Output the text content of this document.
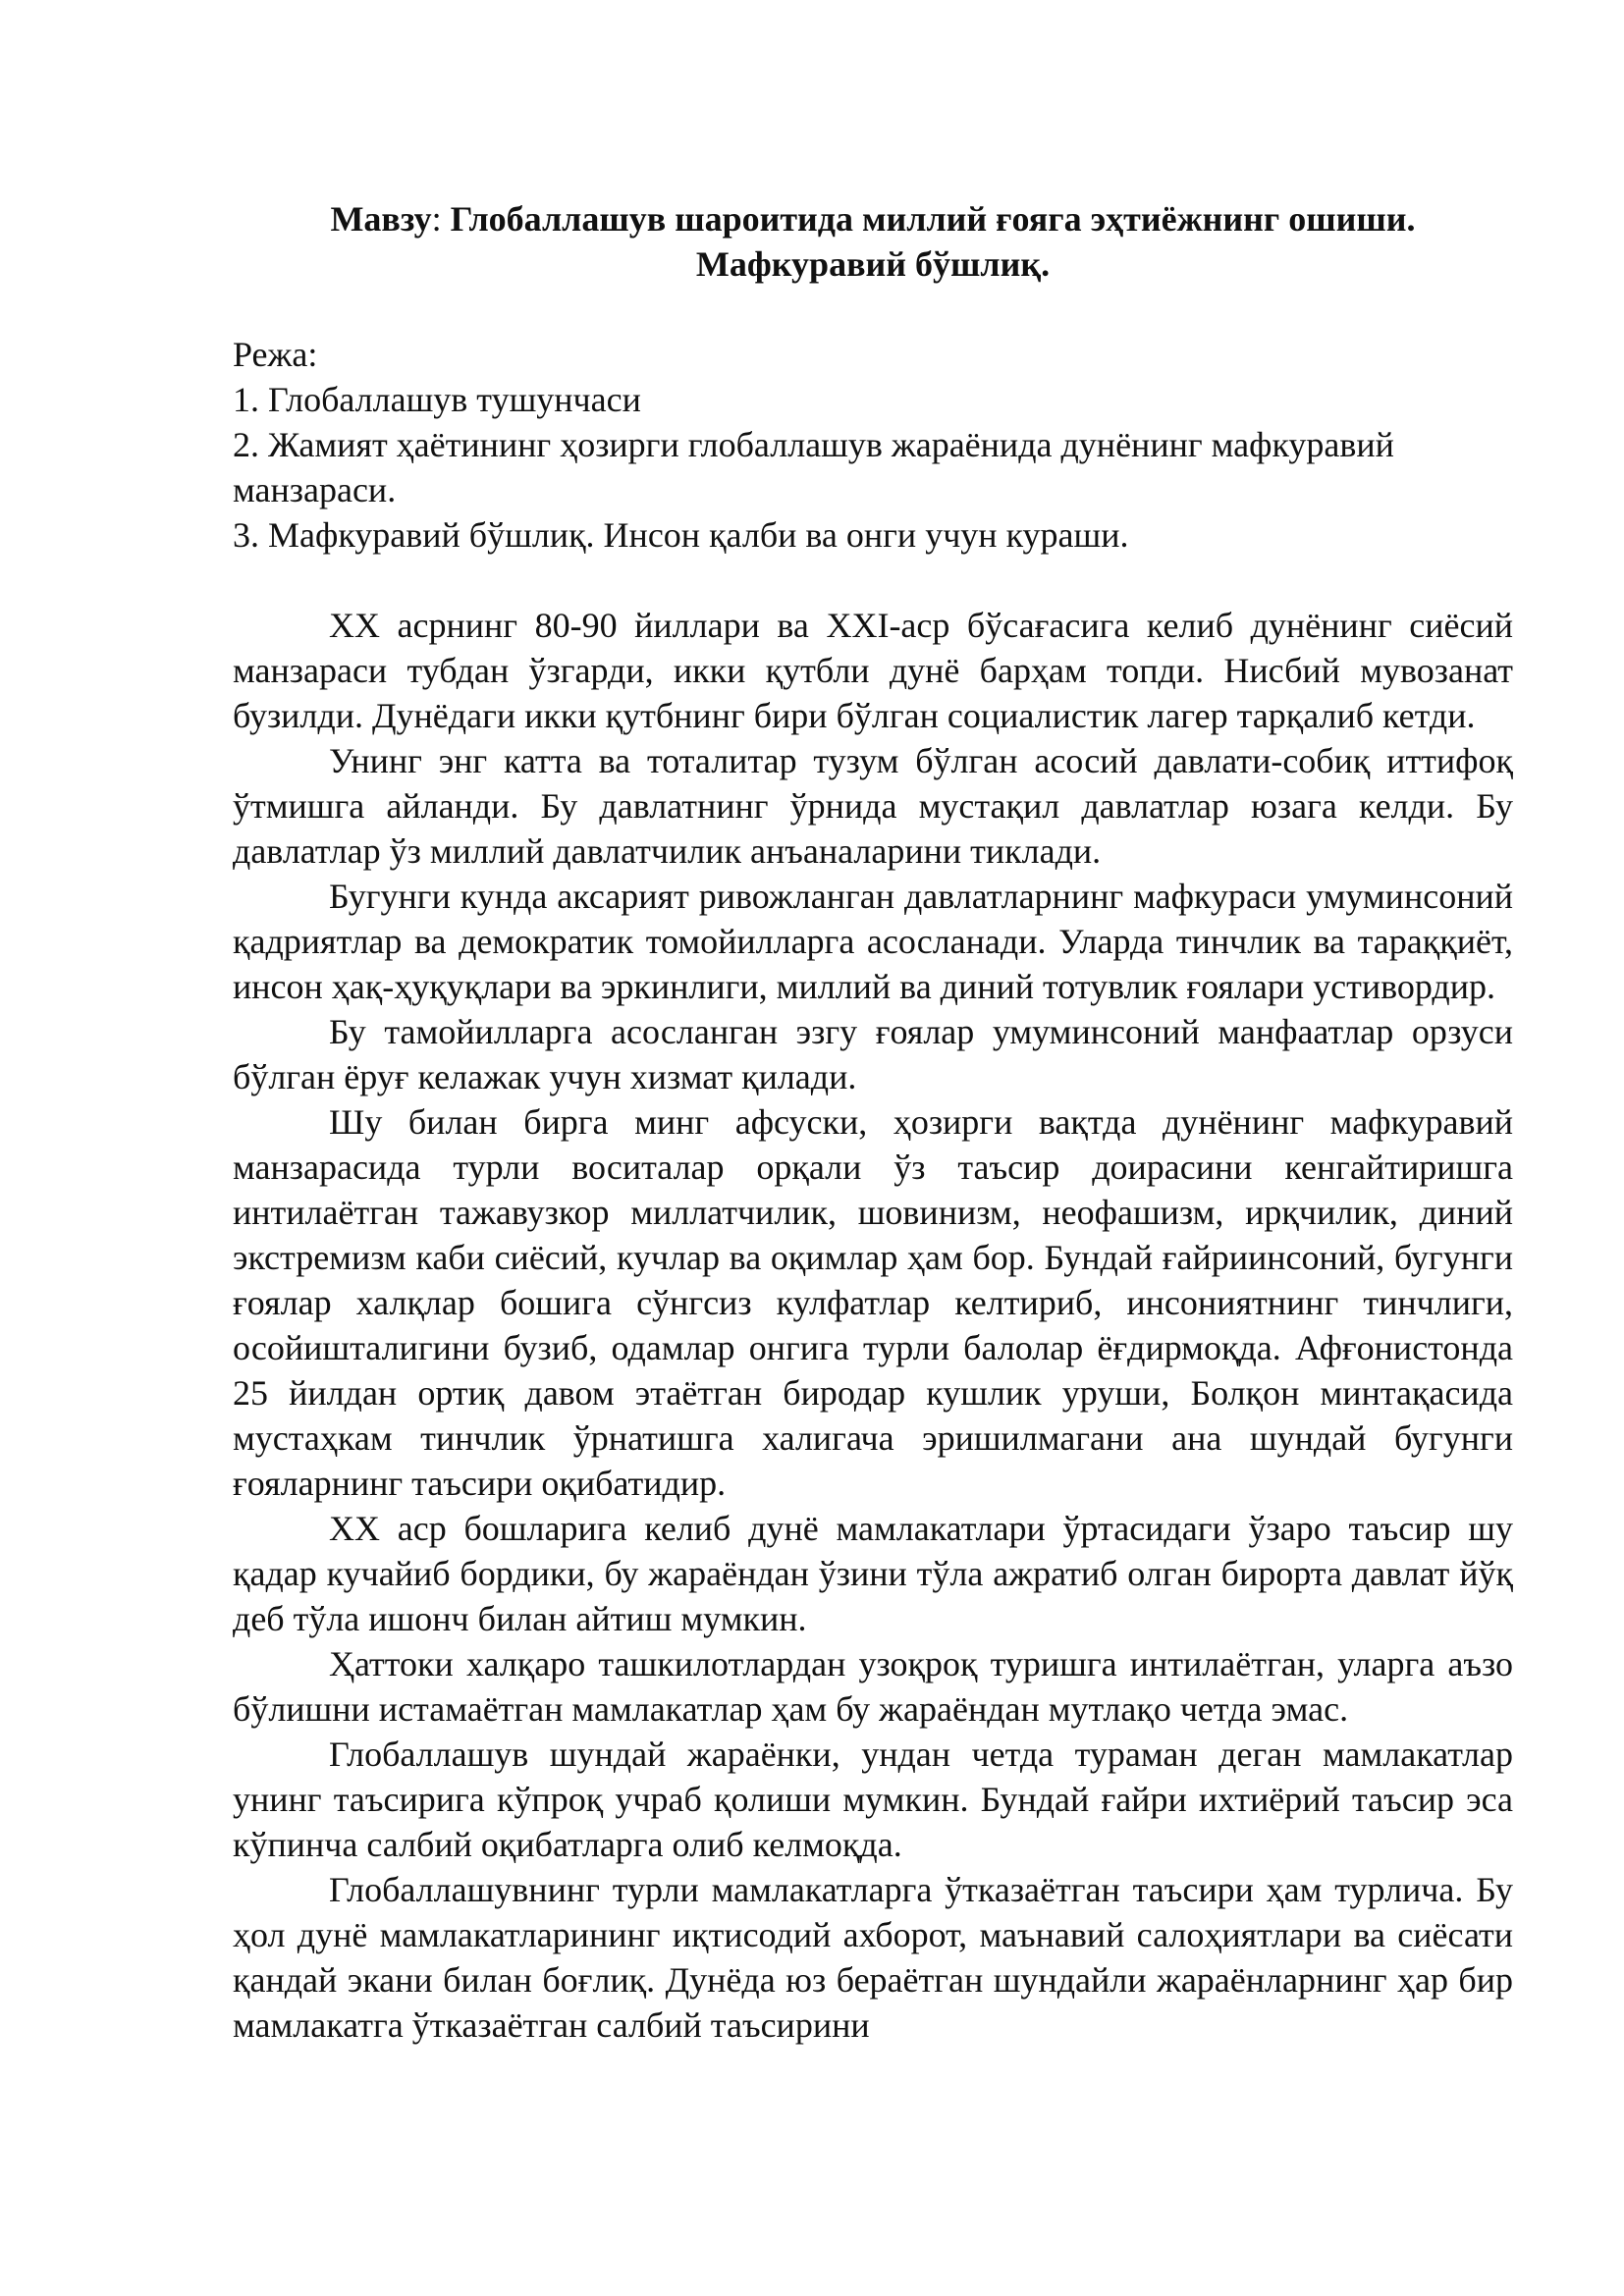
Мавзу: Глобаллашув шароитида миллий ғояга эҳтиёжнинг ошиши.
Мафкуравий бўшлиқ.
Режа:
1. Глобаллашув тушунчаси
2. Жамият ҳаётининг ҳозирги глобаллашув жараёнида дунёнинг мафкуравий манзараси.
3. Мафкуравий бўшлиқ. Инсон қалби ва онги учун кураши.

ХХ асрнинг 80-90 йиллари ва ХХI-аср бўсағасига келиб дунёнинг сиёсий манзараси тубдан ўзгарди, икки қутбли дунё барҳам топди. Нисбий мувозанат бузилди. Дунёдаги икки қутбнинг бири бўлган социалистик лагер тарқалиб кетди.

Унинг энг катта ва тоталитар тузум бўлган асосий давлати-собиқ иттифоқ ўтмишга айланди. Бу давлатнинг ўрнида мустақил давлатлар юзага келди. Бу давлатлар ўз миллий давлатчилик анъаналарини тиклади.

Бугунги кунда аксарият ривожланган давлатларнинг мафкураси умуминсоний қадриятлар ва демократик томойилларга асосланади. Уларда тинчлик ва тараққиёт, инсон ҳақ-ҳуқуқлари ва эркинлиги, миллий ва диний тотувлик ғоялари устивордир.

Бу тамойилларга асосланган эзгу ғоялар умуминсоний манфаатлар орзуси бўлган ёруғ келажак учун хизмат қилади.

Шу билан бирга минг афсуски, ҳозирги вақтда дунёнинг мафкуравий манзарасида турли воситалар орқали ўз таъсир доирасини кенгайтиришга интилаётган тажавузкор миллатчилик, шовинизм, неофашизм, ирқчилик, диний экстремизм каби сиёсий, кучлар ва оқимлар ҳам бор. Бундай ғайриинсоний, бугунги ғоялар халқлар бошига сўнгсиз кулфатлар келтириб, инсониятнинг тинчлиги, осойишталигини бузиб, одамлар онгига турли балолар ёғдирмоқда. Афғонистонда 25 йилдан ортиқ давом этаётган биродар кушлик уруши, Болқон минтақасида мустаҳкам тинчлик ўрнатишга халигача эришилмагани ана шундай бугунги ғояларнинг таъсири оқибатидир.

ХХ аср бошларига келиб дунё мамлакатлари ўртасидаги ўзаро таъсир шу қадар кучайиб бордики, бу жараёндан ўзини тўла ажратиб олган бирорта давлат йўқ деб тўла ишонч билан айтиш мумкин.

Ҳаттоки халқаро ташкилотлардан узоқроқ туришга интилаётган, уларга аъзо бўлишни истамаётган мамлакатлар ҳам бу жараёндан мутлақо четда эмас.

Глобаллашув шундай жараёнки, ундан четда тураман деган мамлакатлар унинг таъсирига кўпроқ учраб қолиши мумкин. Бундай ғайри ихтиёрий таъсир эса кўпинча салбий оқибатларга олиб келмоқда.

Глобаллашувнинг турли мамлакатларга ўтказаётган таъсири ҳам турлича. Бу ҳол дунё мамлакатларининг иқтисодий ахборот, маънавий салоҳиятлари ва сиёсати қандай экани билан боғлиқ. Дунёда юз бераётган шундайли жараёнларнинг ҳар бир мамлакатга ўтказаётган салбий таъсирини
